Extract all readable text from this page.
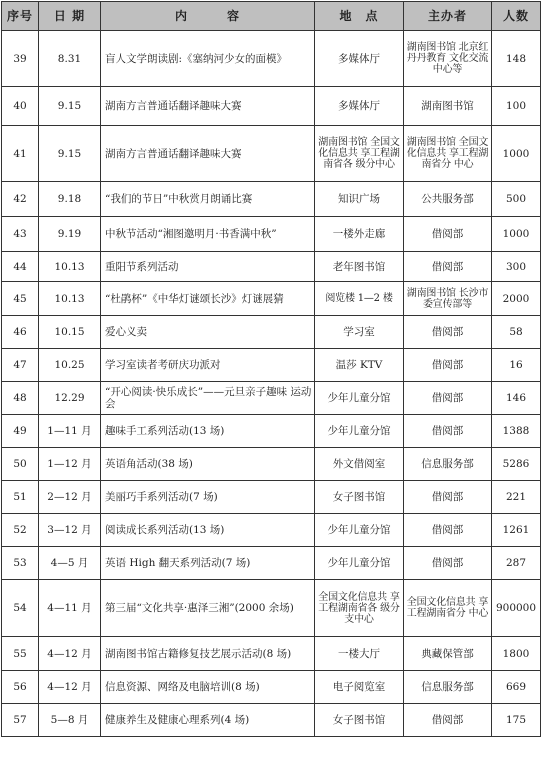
序号	日 期	内　　　容	地　点	主办者	人数
39	8.31	盲人文学朗读剧:《塞纳河少女的面模》	多媒体厅	湖南图书馆 北京红丹丹教育 文化交流中心等	148
40	9.15	湖南方言普通话翻译趣味大赛	多媒体厅	湖南图书馆	100
41	9.15	湖南方言普通话翻译趣味大赛	湖南图书馆 全国文化信息共 享工程湖南省各 级分中心	湖南图书馆 全国文化信息共 享工程湖南省分 中心	1000
42	9.18	“我们的节日”中秋赏月朗诵比赛	知识广场	公共服务部	500
43	9.19	中秋节活动“湘图邀明月·书香满中秋”	一楼外走廊	借阅部	1000
44	10.13	重阳节系列活动	老年图书馆	借阅部	300
45	10.13	“杜鹃杯”《中华灯谜颂长沙》灯谜展猜	阅览楼 1—2 楼	湖南图书馆 长沙市委宣传部等	2000
46	10.15	爱心义卖	学习室	借阅部	58
47	10.25	学习室读者考研庆功派对	温莎 KTV	借阅部	16
48	12.29	“开心阅读·快乐成长”——元旦亲子趣味 运动会	少年儿童分馆	借阅部	146
49	1—11 月	趣味手工系列活动(13 场)	少年儿童分馆	借阅部	1388
50	1—12 月	英语角活动(38 场)	外文借阅室	信息服务部	5286
51	2—12 月	美丽巧手系列活动(7 场)	女子图书馆	借阅部	221
52	3—12 月	阅读成长系列活动(13 场)	少年儿童分馆	借阅部	1261
53	4—5 月	英语 High 翻天系列活动(7 场)	少年儿童分馆	借阅部	287
54	4—11 月	第三届“文化共享·惠泽三湘”(2000 余场)	全国文化信息共 享工程湖南省各 级分支中心	全国文化信息共 享工程湖南省分 中心	900000
55	4—12 月	湖南图书馆古籍修复技艺展示活动(8 场)	一楼大厅	典藏保管部	1800
56	4—12 月	信息资源、网络及电脑培训(8 场)	电子阅览室	信息服务部	669
57	5—8 月	健康养生及健康心理系列(4 场)	女子图书馆	借阅部	175
